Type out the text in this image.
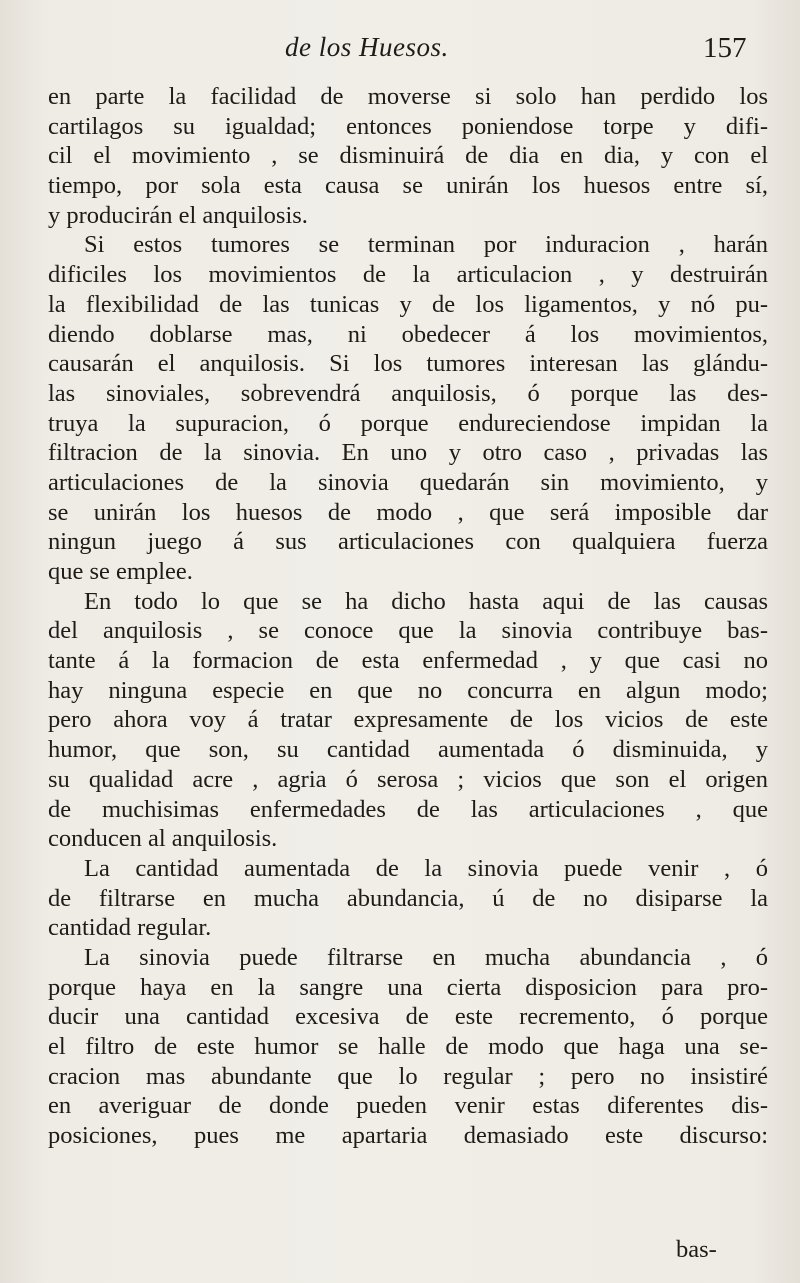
de los Huesos.	157
en parte la facilidad de moverse si solo han perdido los
cartilagos su igualdad; entonces poniendose torpe y difi-
cil el movimiento , se disminuirá de dia en dia, y con el
tiempo, por sola esta causa se unirán los huesos entre sí,
y producirán el anquilosis.
Si estos tumores se terminan por induracion , harán
dificiles los movimientos de la articulacion , y destruirán
la flexibilidad de las tunicas y de los ligamentos, y nó pu-
diendo doblarse mas, ni obedecer á los movimientos,
causarán el anquilosis. Si los tumores interesan las glándu-
las sinoviales, sobrevendrá anquilosis, ó porque las des-
truya la supuracion, ó porque endureciendose impidan la
filtracion de la sinovia. En uno y otro caso , privadas las
articulaciones de la sinovia quedarán sin movimiento, y
se unirán los huesos de modo , que será imposible dar
ningun juego á sus articulaciones con qualquiera fuerza
que se emplee.
En todo lo que se ha dicho hasta aqui de las causas
del anquilosis , se conoce que la sinovia contribuye bas-
tante á la formacion de esta enfermedad , y que casi no
hay ninguna especie en que no concurra en algun modo;
pero ahora voy á tratar expresamente de los vicios de este
humor, que son, su cantidad aumentada ó disminuida, y
su qualidad acre , agria ó serosa ; vicios que son el origen
de muchisimas enfermedades de las articulaciones , que
conducen al anquilosis.
La cantidad aumentada de la sinovia puede venir , ó
de filtrarse en mucha abundancia, ú de no disiparse la
cantidad regular.
La sinovia puede filtrarse en mucha abundancia , ó
porque haya en la sangre una cierta disposicion para pro-
ducir una cantidad excesiva de este recremento, ó porque
el filtro de este humor se halle de modo que haga una se-
cracion mas abundante que lo regular ; pero no insistiré
en averiguar de donde pueden venir estas diferentes dis-
posiciones, pues me apartaria demasiado este discurso:
bas-
